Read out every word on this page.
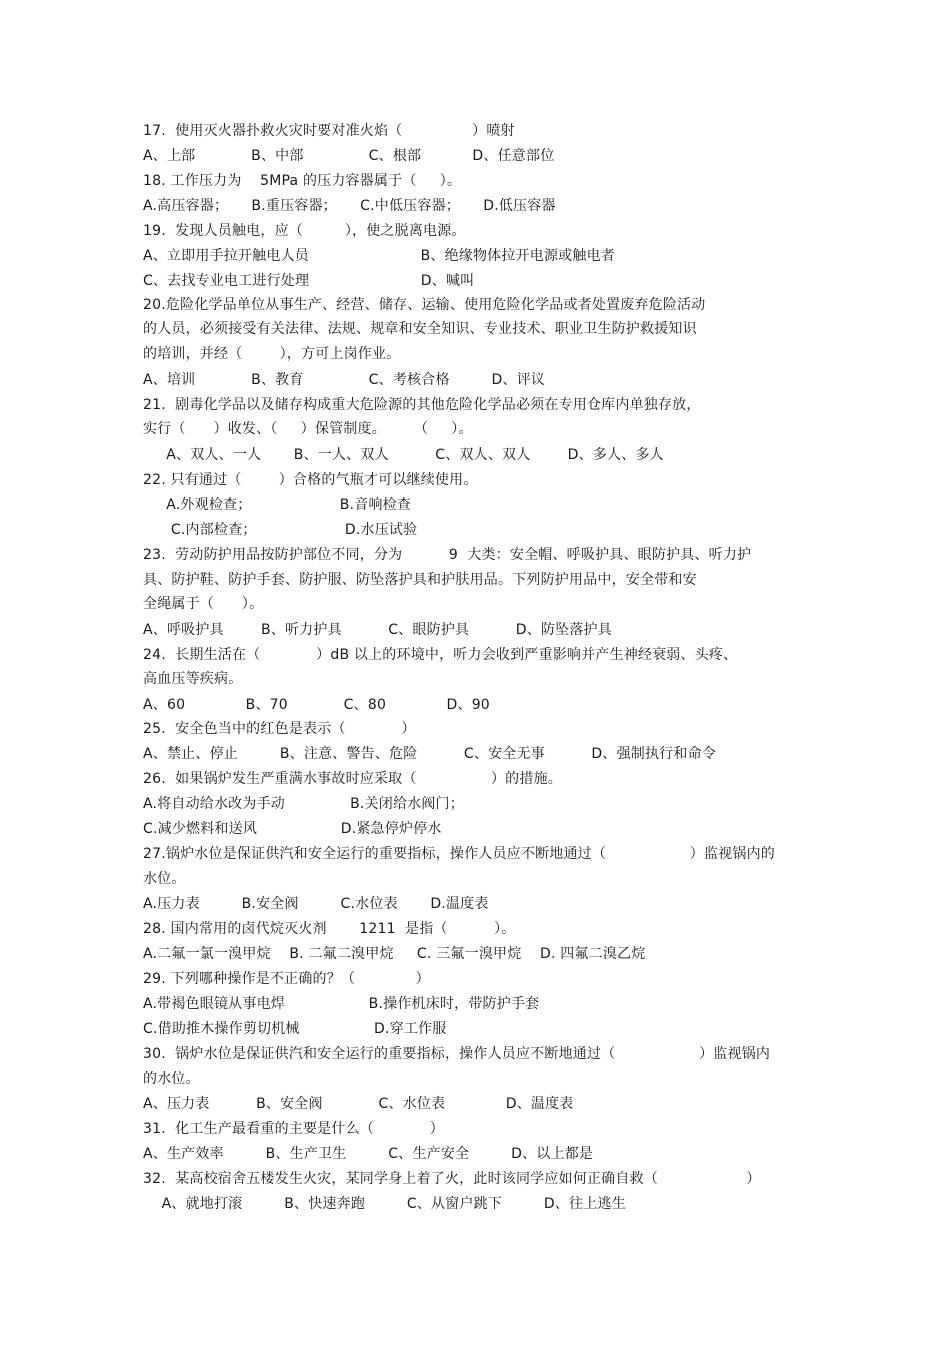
17.  使用灭火器扑救火灾时要对准火焰（               ）喷射
A、上部            B、中部              C、根部           D、任意部位
18. 工作压力为    5MPa 的压力容器属于（     ）。
A.高压容器；     B.重压容器；     C.中低压容器；     D.低压容器
19.  发现人员触电，应（         ），使之脱离电源。
A、立即用手拉开触电人员                        B、绝缘物体拉开电源或触电者
C、去找专业电工进行处理                        D、喊叫
20.危险化学品单位从事生产、经营、储存、运输、使用危险化学品或者处置废弃危险活动
的人员，必须接受有关法律、法规、规章和安全知识、专业技术、职业卫生防护救援知识
的培训，并经（        ），方可上岗作业。
A、培训            B、教育              C、考核合格         D、评议
21.  剧毒化学品以及储存构成重大危险源的其他危险化学品必须在专用仓库内单独存放，
实行（      ）收发、（     ）保管制度。      （     ）。
A、双人、一人       B、一人、双人          C、双人、双人        D、多人、多人
22. 只有通过（        ）合格的气瓶才可以继续使用。
A.外观检查；                   B.音响检查
C.内部检查；                   D.水压试验
23.  劳动防护用品按防护部位不同，分为          9  大类：安全帽、呼吸护具、眼防护具、听力护
具、防护鞋、防护手套、防护服、防坠落护具和护肤用品。下列防护用品中，安全带和安
全绳属于（      ）。
A、呼吸护具        B、听力护具          C、眼防护具          D、防坠落护具
24.  长期生活在（            ）dB 以上的环境中，听力会收到严重影响并产生神经衰弱、头疼、
高血压等疾病。
A、60             B、70            C、80             D、90
25.  安全色当中的红色是表示（            ）
A、禁止、停止         B、注意、警告、危险          C、安全无事          D、强制执行和命令
26.  如果锅炉发生严重满水事故时应采取（                ）的措施。
A.将自动给水改为手动              B.关闭给水阀门；
C.减少燃料和送风                  D.紧急停炉停水
27.锅炉水位是保证供汽和安全运行的重要指标，操作人员应不断地通过（                  ）监视锅内的
水位。
A.压力表         B.安全阀         C.水位表       D.温度表
28. 国内常用的卤代烷灭火剂       1211  是指（          ）。
A.二氟一氯一溴甲烷    B. 二氟二溴甲烷     C. 三氟一溴甲烷    D. 四氟二溴乙烷
29. 下列哪种操作是不正确的？（             ）
A.带褐色眼镜从事电焊                  B.操作机床时，带防护手套
C.借助推木操作剪切机械                D.穿工作服
30.  锅炉水位是保证供汽和安全运行的重要指标，操作人员应不断地通过（                  ）监视锅内
的水位。
A、压力表          B、安全阀            C、水位表             D、温度表
31.  化工生产最看重的主要是什么（            ）
A、生产效率         B、生产卫生         C、生产安全         D、以上都是
32.  某高校宿舍五楼发生火灾，某同学身上着了火，此时该同学应如何正确自救（                   ）
A、就地打滚         B、快速奔跑         C、从窗户跳下         D、往上逃生
